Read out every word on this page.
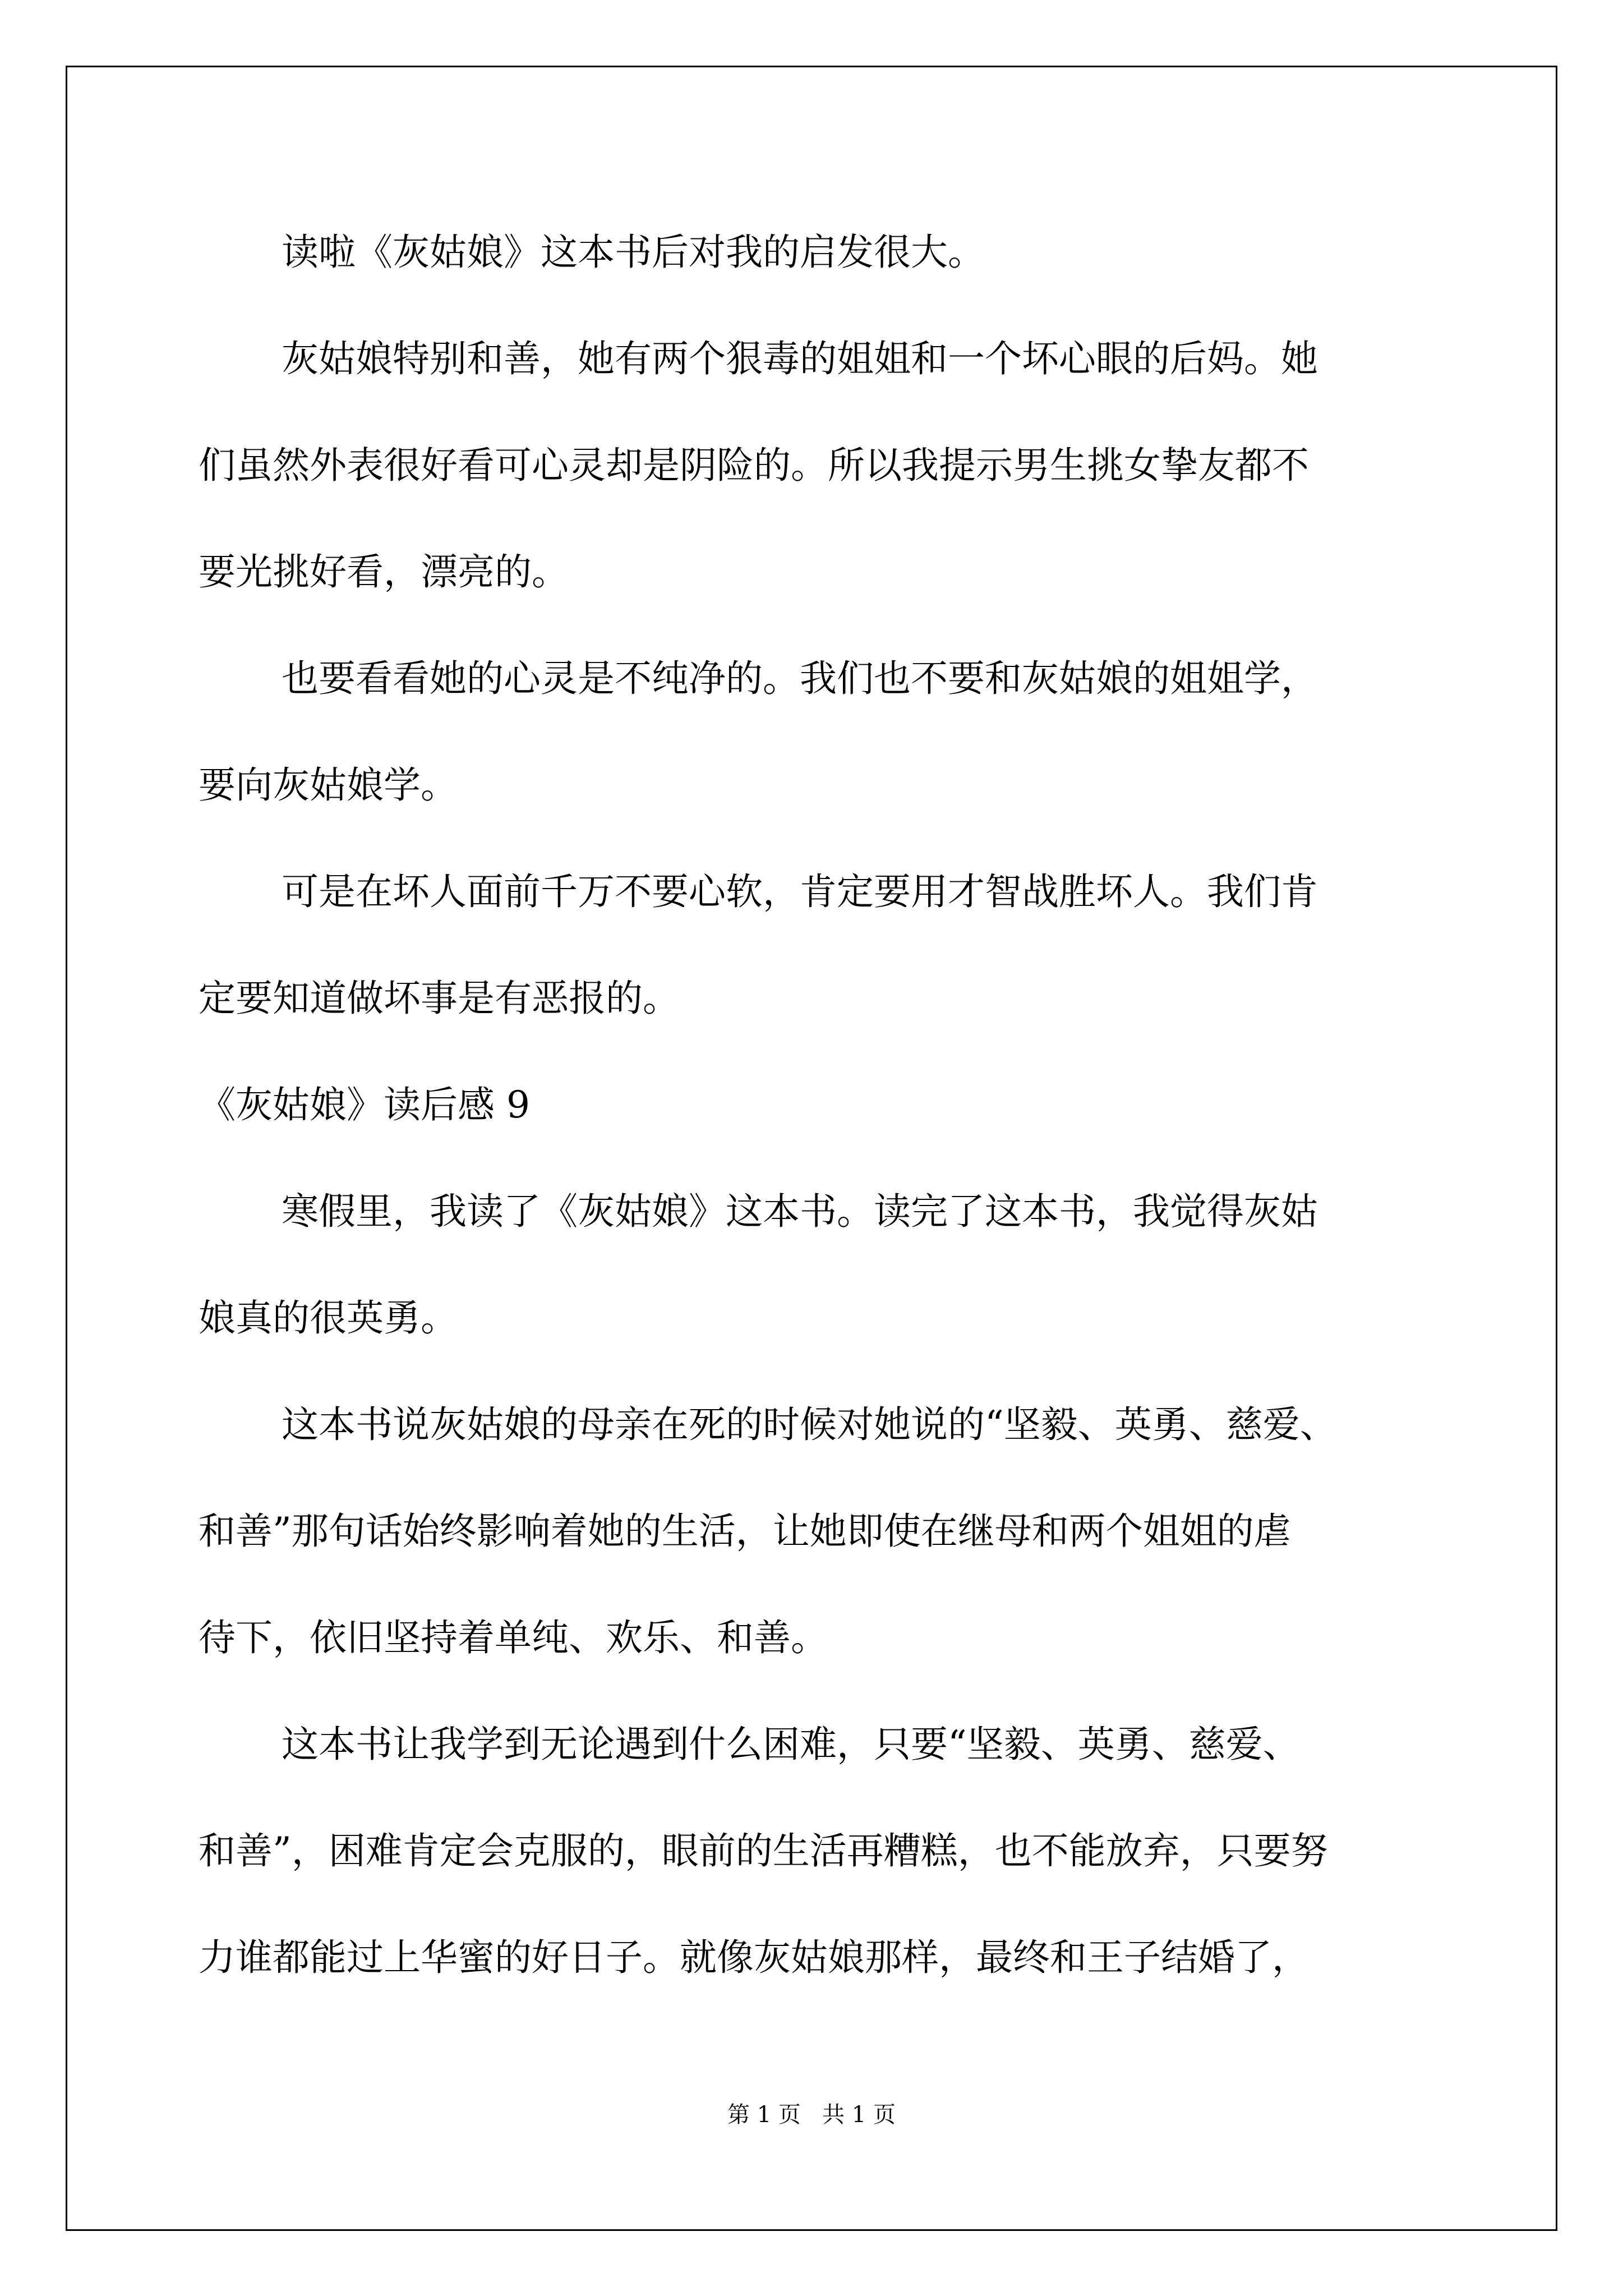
读啦《灰姑娘》这本书后对我的启发很大。
灰姑娘特别和善，她有两个狠毒的姐姐和一个坏心眼的后妈。她
们虽然外表很好看可心灵却是阴险的。所以我提示男生挑女挚友都不
要光挑好看，漂亮的。
也要看看她的心灵是不纯净的。我们也不要和灰姑娘的姐姐学，
要向灰姑娘学。
可是在坏人面前千万不要心软，肯定要用才智战胜坏人。我们肯
定要知道做坏事是有恶报的。
《灰姑娘》读后感 9
寒假里，我读了《灰姑娘》这本书。读完了这本书，我觉得灰姑
娘真的很英勇。
这本书说灰姑娘的母亲在死的时候对她说的“坚毅、英勇、慈爱、
和善”那句话始终影响着她的生活，让她即使在继母和两个姐姐的虐
待下，依旧坚持着单纯、欢乐、和善。
这本书让我学到无论遇到什么困难，只要“坚毅、英勇、慈爱、
和善”，困难肯定会克服的，眼前的生活再糟糕，也不能放弃，只要努
力谁都能过上华蜜的好日子。就像灰姑娘那样，最终和王子结婚了，
第 1 页   共 1 页
